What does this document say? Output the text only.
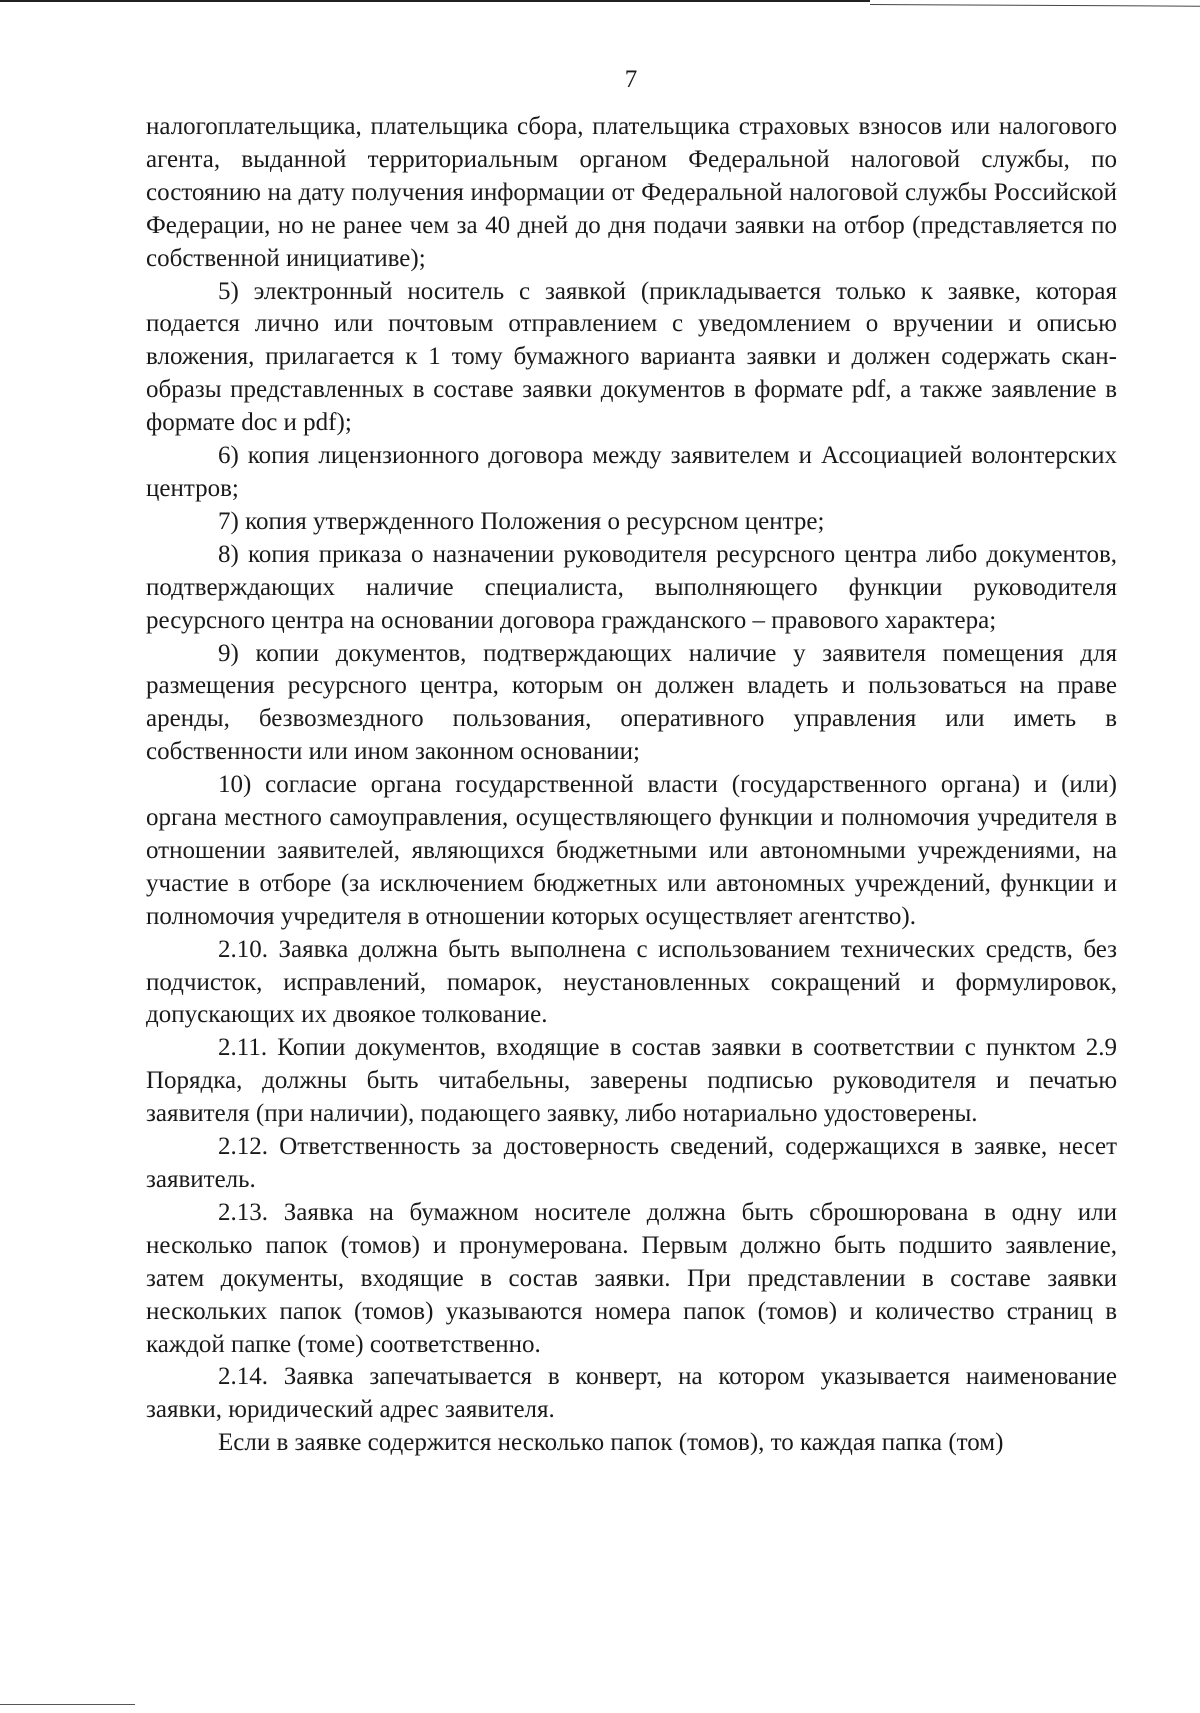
7

налогоплательщика, плательщика сбора, плательщика страховых взносов или налогового агента, выданной территориальным органом Федеральной налоговой службы, по состоянию на дату получения информации от Федеральной налоговой службы Российской Федерации, но не ранее чем за 40 дней до дня подачи заявки на отбор (представляется по собственной инициативе);

5) электронный носитель с заявкой (прикладывается только к заявке, которая подается лично или почтовым отправлением с уведомлением о вручении и описью вложения, прилагается к 1 тому бумажного варианта заявки и должен содержать скан-образы представленных в составе заявки документов в формате pdf, а также заявление в формате doc и pdf);

6) копия лицензионного договора между заявителем и Ассоциацией волонтерских центров;

7) копия утвержденного Положения о ресурсном центре;

8) копия приказа о назначении руководителя ресурсного центра либо документов, подтверждающих наличие специалиста, выполняющего функции руководителя ресурсного центра на основании договора гражданского – правового характера;

9) копии документов, подтверждающих наличие у заявителя помещения для размещения ресурсного центра, которым он должен владеть и пользоваться на праве аренды, безвозмездного пользования, оперативного управления или иметь в собственности или ином законном основании;

10) согласие органа государственной власти (государственного органа) и (или) органа местного самоуправления, осуществляющего функции и полномочия учредителя в отношении заявителей, являющихся бюджетными или автономными учреждениями, на участие в отборе (за исключением бюджетных или автономных учреждений, функции и полномочия учредителя в отношении которых осуществляет агентство).

2.10. Заявка должна быть выполнена с использованием технических средств, без подчисток, исправлений, помарок, неустановленных сокращений и формулировок, допускающих их двоякое толкование.

2.11. Копии документов, входящие в состав заявки в соответствии с пунктом 2.9 Порядка, должны быть читабельны, заверены подписью руководителя и печатью заявителя (при наличии), подающего заявку, либо нотариально удостоверены.

2.12. Ответственность за достоверность сведений, содержащихся в заявке, несет заявитель.

2.13. Заявка на бумажном носителе должна быть сброшюрована в одну или несколько папок (томов) и пронумерована. Первым должно быть подшито заявление, затем документы, входящие в состав заявки. При представлении в составе заявки нескольких папок (томов) указываются номера папок (томов) и количество страниц в каждой папке (томе) соответственно.

2.14. Заявка запечатывается в конверт, на котором указывается наименование заявки, юридический адрес заявителя.

Если в заявке содержится несколько папок (томов), то каждая папка (том)
